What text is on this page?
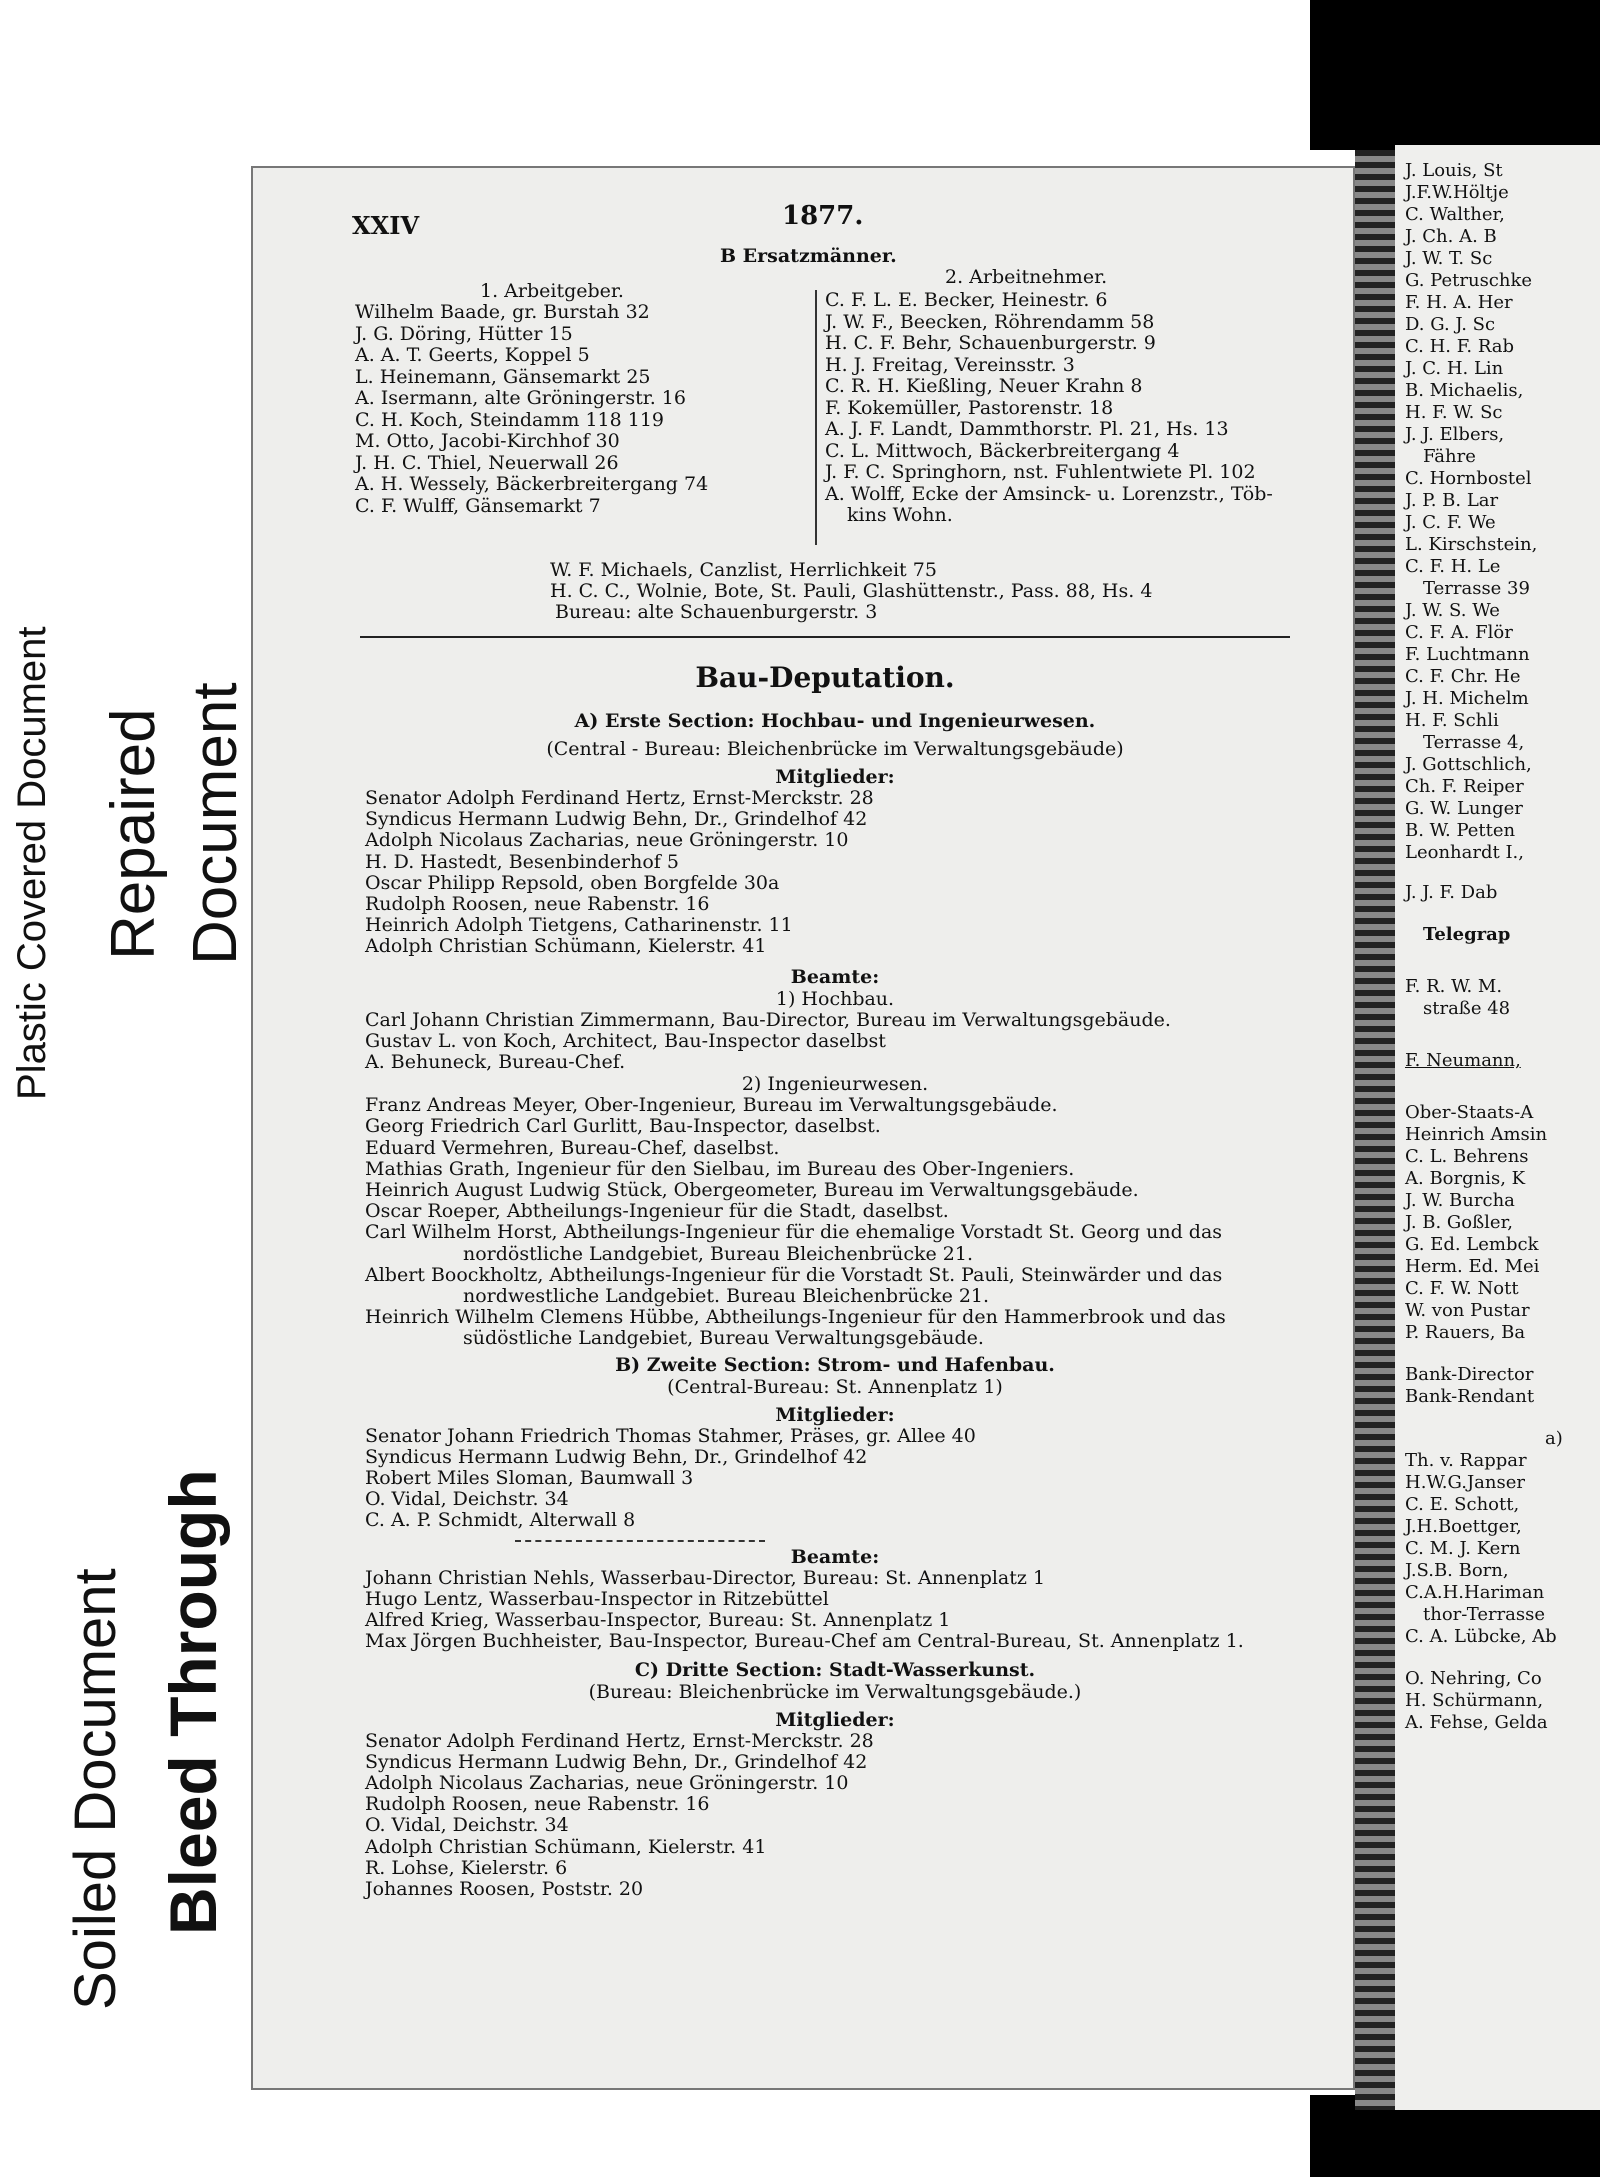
J. Louis, St
J.F.W.Höltje
C. Walther,
J. Ch. A. B
J. W. T. Sc
G. Petruschke
F. H. A. Her
D. G. J. Sc
C. H. F. Rab
J. C. H. Lin
B. Michaelis,
H. F. W. Sc
J. J. Elbers,
Fähre
C. Hornbostel
J. P. B. Lar
J. C. F. We
L. Kirschstein,
C. F. H. Le
Terrasse 39
J. W. S. We
C. F. A. Flör
F. Luchtmann
C. F. Chr. He
J. H. Michelm
H. F. Schli
Terrasse 4,
J. Gottschlich,
Ch. F. Reiper
G. W. Lunger
B. W. Petten
Leonhardt I.,
J. J. F. Dab
Telegrap
F. R. W. M.
straße 48
F. Neumann,
Ober-Staats-A
Heinrich Amsin
C. L. Behrens
A. Borgnis, K
J. W. Burcha
J. B. Goßler,
G. Ed. Lembck
Herm. Ed. Mei
C. F. W. Nott
W. von Pustar
P. Rauers, Ba
Bank-Director
Bank-Rendant
a)
Th. v. Rappar
H.W.G.Janser
C. E. Schott,
J.H.Boettger,
C. M. J. Kern
J.S.B. Born,
C.A.H.Hariman
thor-Terrasse
C. A. Lübcke, Ab
O. Nehring, Co
H. Schürmann,
A. Fehse, Gelda
Plastic Covered Document Repaired Document
Soiled Document Bleed Through
XXIV	1877.
B Ersatzmänner.
1. Arbeitgeber.
Wilhelm Baade, gr. Burstah 32
J. G. Döring, Hütter 15
A. A. T. Geerts, Koppel 5
L. Heinemann, Gänsemarkt 25
A. Isermann, alte Gröningerstr. 16
C. H. Koch, Steindamm 118 119
M. Otto, Jacobi-Kirchhof 30
J. H. C. Thiel, Neuerwall 26
A. H. Wessely, Bäckerbreitergang 74
C. F. Wulff, Gänsemarkt 7
2. Arbeitnehmer.
C. F. L. E. Becker, Heinestr. 6
J. W. F., Beecken, Röhrendamm 58
H. C. F. Behr, Schauenburgerstr. 9
H. J. Freitag, Vereinsstr. 3
C. R. H. Kießling, Neuer Krahn 8
F. Kokemüller, Pastorenstr. 18
A. J. F. Landt, Dammthorstr. Pl. 21, Hs. 13
C. L. Mittwoch, Bäckerbreitergang 4
J. F. C. Springhorn, nst. Fuhlentwiete Pl. 102
A. Wolff, Ecke der Amsinck- u. Lorenzstr., Töb-
kins Wohn.
W. F. Michaels, Canzlist, Herrlichkeit 75
H. C. C., Wolnie, Bote, St. Pauli, Glashüttenstr., Pass. 88, Hs. 4
Bureau: alte Schauenburgerstr. 3
Bau-Deputation.
A) Erste Section: Hochbau- und Ingenieurwesen.
(Central - Bureau: Bleichenbrücke im Verwaltungsgebäude)
Mitglieder:
Senator Adolph Ferdinand Hertz, Ernst-Merckstr. 28
Syndicus Hermann Ludwig Behn, Dr., Grindelhof 42
Adolph Nicolaus Zacharias, neue Gröningerstr. 10
H. D. Hastedt, Besenbinderhof 5
Oscar Philipp Repsold, oben Borgfelde 30a
Rudolph Roosen, neue Rabenstr. 16
Heinrich Adolph Tietgens, Catharinenstr. 11
Adolph Christian Schümann, Kielerstr. 41
Beamte:
1) Hochbau.
Carl Johann Christian Zimmermann, Bau-Director, Bureau im Verwaltungsgebäude.
Gustav L. von Koch, Architect, Bau-Inspector daselbst
A. Behuneck, Bureau-Chef.
2) Ingenieurwesen.
Franz Andreas Meyer, Ober-Ingenieur, Bureau im Verwaltungsgebäude.
Georg Friedrich Carl Gurlitt, Bau-Inspector, daselbst.
Eduard Vermehren, Bureau-Chef, daselbst.
Mathias Grath, Ingenieur für den Sielbau, im Bureau des Ober-Ingeniers.
Heinrich August Ludwig Stück, Obergeometer, Bureau im Verwaltungsgebäude.
Oscar Roeper, Abtheilungs-Ingenieur für die Stadt, daselbst.
Carl Wilhelm Horst, Abtheilungs-Ingenieur für die ehemalige Vorstadt St. Georg und das
nordöstliche Landgebiet, Bureau Bleichenbrücke 21.
Albert Boockholtz, Abtheilungs-Ingenieur für die Vorstadt St. Pauli, Steinwärder und das
nordwestliche Landgebiet. Bureau Bleichenbrücke 21.
Heinrich Wilhelm Clemens Hübbe, Abtheilungs-Ingenieur für den Hammerbrook und das
südöstliche Landgebiet, Bureau Verwaltungsgebäude.
B) Zweite Section: Strom- und Hafenbau.
(Central-Bureau: St. Annenplatz 1)
Mitglieder:
Senator Johann Friedrich Thomas Stahmer, Präses, gr. Allee 40
Syndicus Hermann Ludwig Behn, Dr., Grindelhof 42
Robert Miles Sloman, Baumwall 3
O. Vidal, Deichstr. 34
C. A. P. Schmidt, Alterwall 8
Beamte:
Johann Christian Nehls, Wasserbau-Director, Bureau: St. Annenplatz 1
Hugo Lentz, Wasserbau-Inspector in Ritzebüttel
Alfred Krieg, Wasserbau-Inspector, Bureau: St. Annenplatz 1
Max Jörgen Buchheister, Bau-Inspector, Bureau-Chef am Central-Bureau, St. Annenplatz 1.
C) Dritte Section: Stadt-Wasserkunst.
(Bureau: Bleichenbrücke im Verwaltungsgebäude.)
Mitglieder:
Senator Adolph Ferdinand Hertz, Ernst-Merckstr. 28
Syndicus Hermann Ludwig Behn, Dr., Grindelhof 42
Adolph Nicolaus Zacharias, neue Gröningerstr. 10
Rudolph Roosen, neue Rabenstr. 16
O. Vidal, Deichstr. 34
Adolph Christian Schümann, Kielerstr. 41
R. Lohse, Kielerstr. 6
Johannes Roosen, Poststr. 20
